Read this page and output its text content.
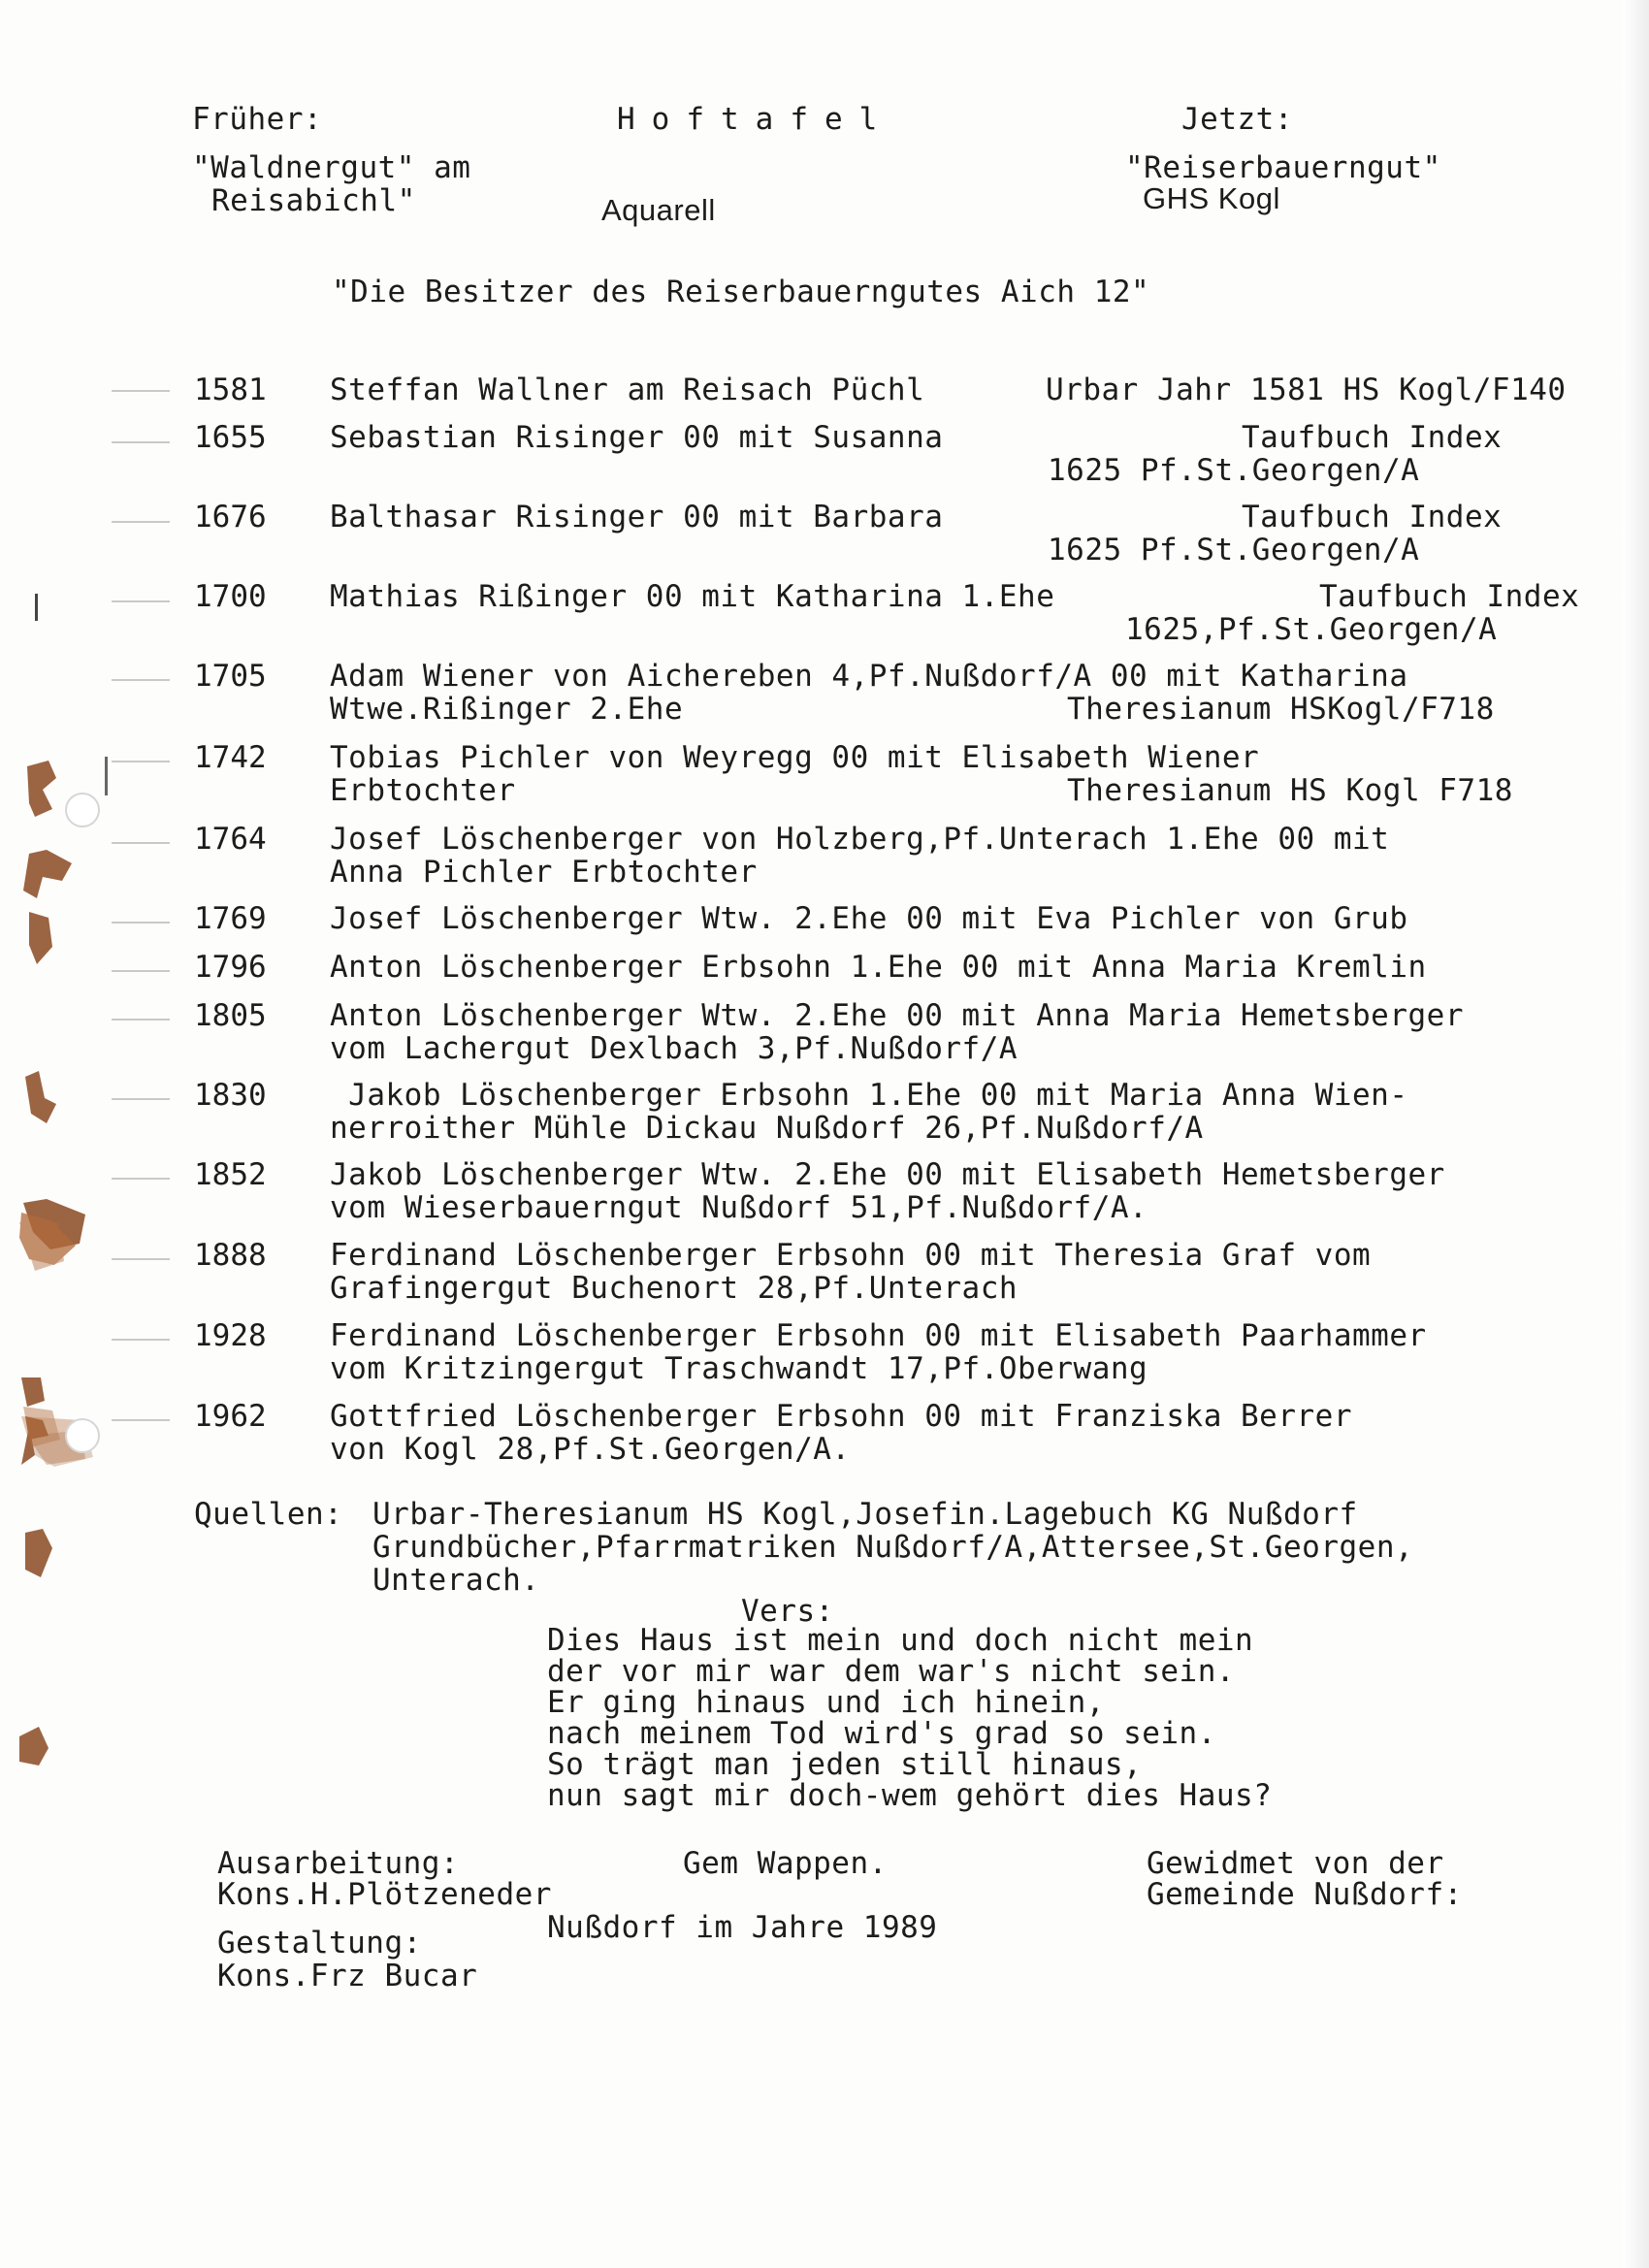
Früher:
"Waldnergut" am
Reisabichl"
Hoftafel
Aquarell
Jetzt:
"Reiserbauerngut"
GHS Kogl
"Die Besitzer des Reiserbauerngutes Aich 12"
1581 Steffan Wallner am Reisach Püchl	Urbar Jahr 1581 HS Kogl/F140
1655 Sebastian Risinger 00 mit Susanna	Taufbuch Index
1625 Pf.St.Georgen/A
1676 Balthasar Risinger 00 mit Barbara	Taufbuch Index
1625 Pf.St.Georgen/A
1700 Mathias Rißinger 00 mit Katharina 1.Ehe	Taufbuch Index
1625,Pf.St.Georgen/A
1705 Adam Wiener von Aichereben 4,Pf.Nußdorf/A 00 mit Katharina
Wtwe.Rißinger 2.Ehe	Theresianum HSKogl/F718
1742 Tobias Pichler von Weyregg 00 mit Elisabeth Wiener
Erbtochter	Theresianum HS Kogl F718
1764 Josef Löschenberger von Holzberg,Pf.Unterach 1.Ehe 00 mit
Anna Pichler Erbtochter
1769 Josef Löschenberger Wtw. 2.Ehe 00 mit Eva Pichler von Grub
1796 Anton Löschenberger Erbsohn 1.Ehe 00 mit Anna Maria Kremlin
1805 Anton Löschenberger Wtw. 2.Ehe 00 mit Anna Maria Hemetsberger
vom Lachergut Dexlbach 3,Pf.Nußdorf/A
1830 Jakob Löschenberger Erbsohn 1.Ehe 00 mit Maria Anna Wien-
nerroither Mühle Dickau Nußdorf 26,Pf.Nußdorf/A
1852 Jakob Löschenberger Wtw. 2.Ehe 00 mit Elisabeth Hemetsberger
vom Wieserbauerngut Nußdorf 51,Pf.Nußdorf/A.
1888 Ferdinand Löschenberger Erbsohn 00 mit Theresia Graf vom
Grafingergut Buchenort 28,Pf.Unterach
1928 Ferdinand Löschenberger Erbsohn 00 mit Elisabeth Paarhammer
vom Kritzingergut Traschwandt 17,Pf.Oberwang
1962 Gottfried Löschenberger Erbsohn 00 mit Franziska Berrer
von Kogl 28,Pf.St.Georgen/A.
Quellen: Urbar-Theresianum HS Kogl,Josefin.Lagebuch KG Nußdorf
Grundbücher,Pfarrmatriken Nußdorf/A,Attersee,St.Georgen,
Unterach.
Vers:
Dies Haus ist mein und doch nicht mein
der vor mir war dem war's nicht sein.
Er ging hinaus und ich hinein,
nach meinem Tod wird's grad so sein.
So trägt man jeden still hinaus,
nun sagt mir doch-wem gehört dies Haus?
Ausarbeitung:
Kons.H.Plötzeneder
Gestaltung:
Kons.Frz Bucar
Gem Wappen.
Nußdorf im Jahre 1989
Gewidmet von der
Gemeinde Nußdorf:
